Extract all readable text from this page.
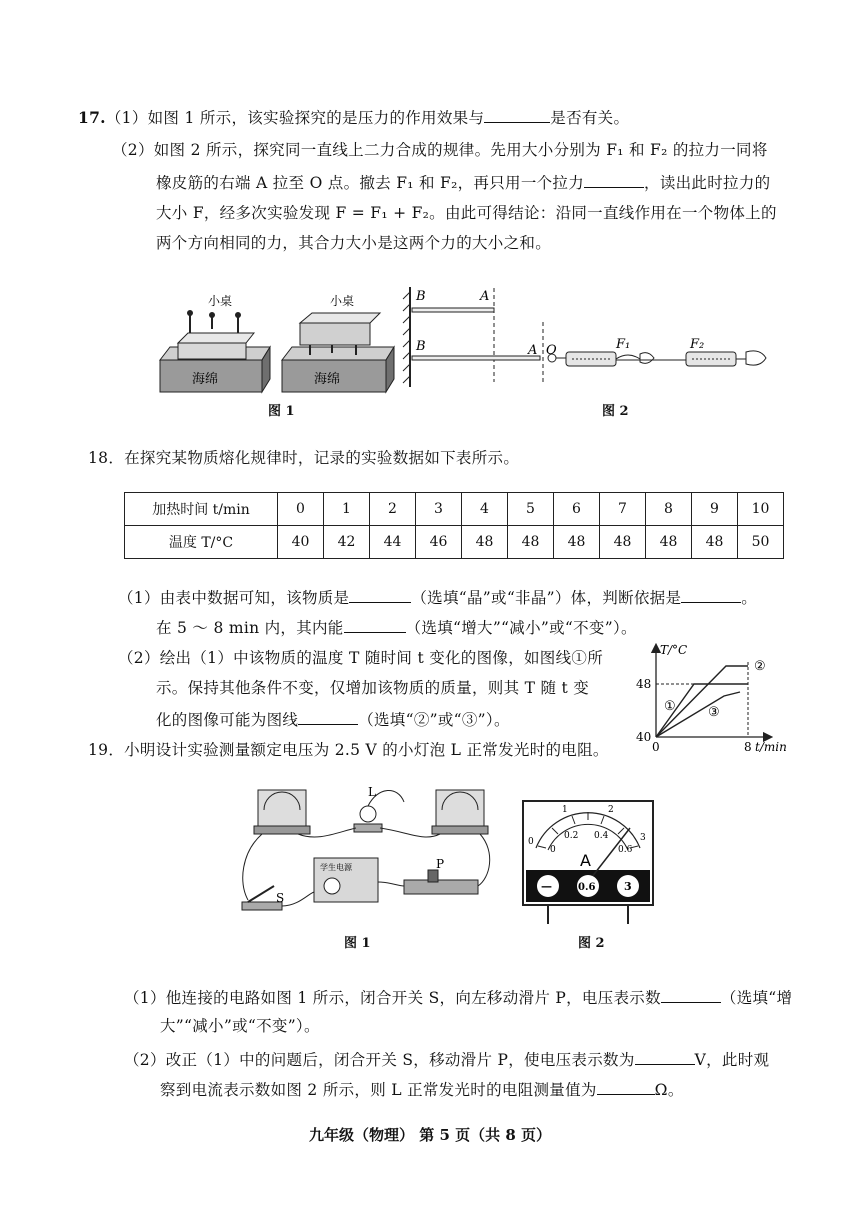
17.（1）如图 1 所示，该实验探究的是压力的作用效果与	是否有关。
（2）如图 2 所示，探究同一直线上二力合成的规律。先用大小分别为 F₁ 和 F₂ 的拉力一同将
橡皮筋的右端 A 拉至 O 点。撤去 F₁ 和 F₂，再只用一个拉力	，读出此时拉力的
大小 F，经多次实验发现 F = F₁ + F₂。由此可得结论：沿同一直线作用在一个物体上的
两个方向相同的力，其合力大小是这两个力的大小之和。
小桌	小桌
海绵	海绵
图 1
B	A
B	A O	F₁	F₂
图 2
18．在探究某物质熔化规律时，记录的实验数据如下表所示。
加热时间 t/min	0	1	2	3	4	5	6	7	8	9	10
温度 T/°C	40	42	44	46	48	48	48	48	48	48	50
（1）由表中数据可知，该物质是	（选填“晶”或“非晶”）体，判断依据是	。
在 5 ～ 8 min 内，其内能	（选填“增大”“减小”或“不变”）。
（2）绘出（1）中该物质的温度 T 随时间 t 变化的图像，如图线①所
示。保持其他条件不变，仅增加该物质的质量，则其 T 随 t 变
化的图像可能为图线	（选填“②”或“③”）。
T/°C
t/min
48
40
0	8
①
②
③
19．小明设计实验测量额定电压为 2.5 V 的小灯泡 L 正常发光时的电阻。
L
S
P
学生电源
图 1
0
1	2
3
0
0.2 0.4
0.6
A
—	0.6	3
图 2
（1）他连接的电路如图 1 所示，闭合开关 S，向左移动滑片 P，电压表示数	（选填“增
大”“减小”或“不变”）。
（2）改正（1）中的问题后，闭合开关 S，移动滑片 P，使电压表示数为	V，此时观
察到电流表示数如图 2 所示，则 L 正常发光时的电阻测量值为	Ω。
九年级（物理） 第 5 页（共 8 页）
